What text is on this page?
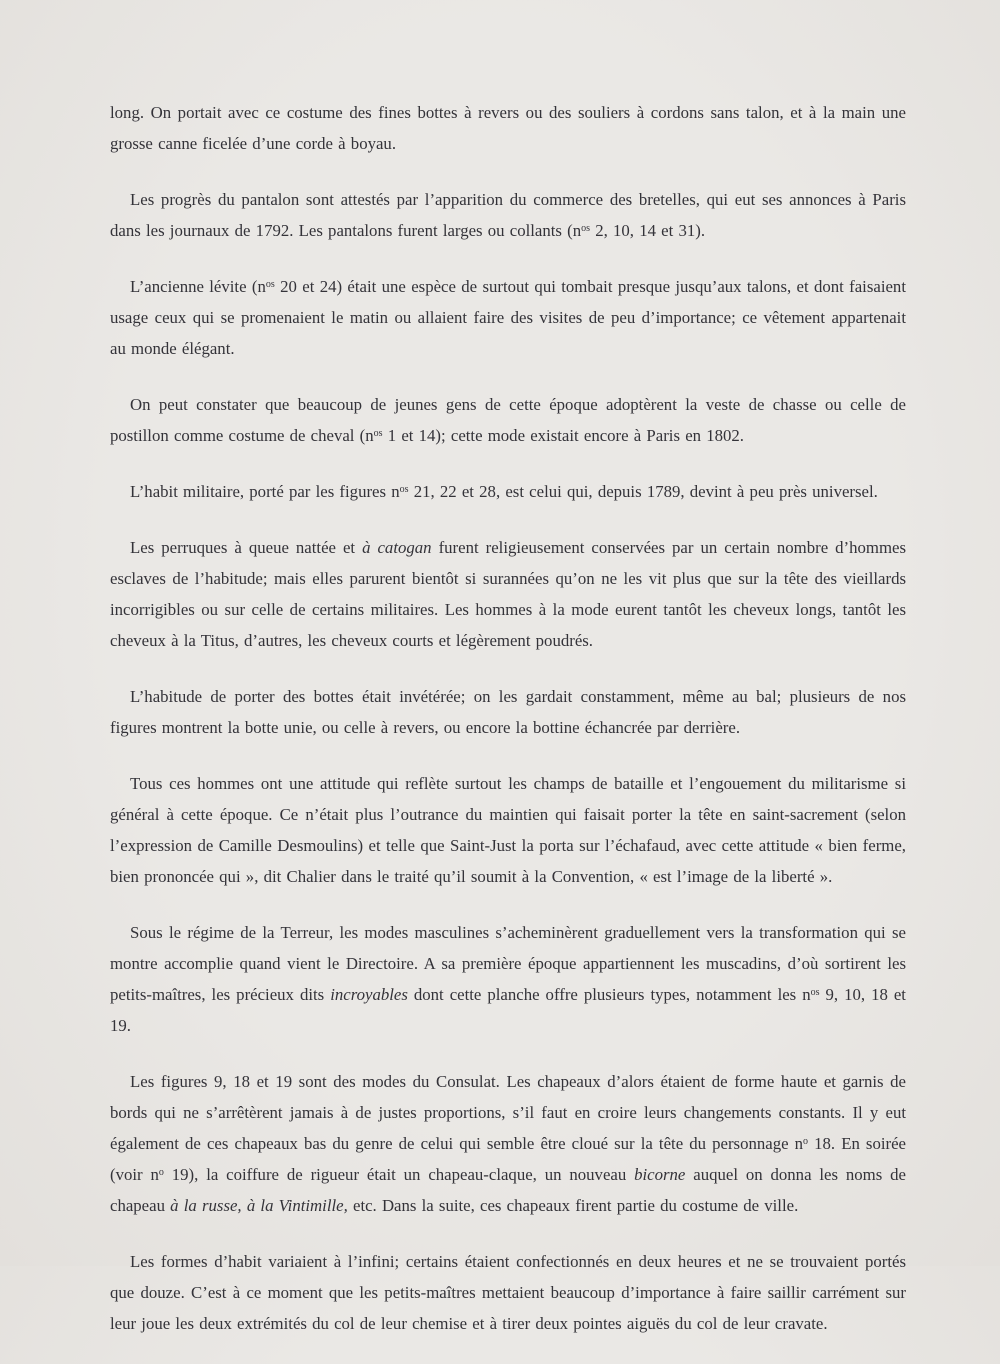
long. On portait avec ce costume des fines bottes à revers ou des souliers à cordons sans talon, et à la main une grosse canne ficelée d’une corde à boyau.

Les progrès du pantalon sont attestés par l’apparition du commerce des bretelles, qui eut ses annonces à Paris dans les journaux de 1792. Les pantalons furent larges ou collants ($n^{os}$ 2, 10, 14 et 31).

L’ancienne lévite ($n^{os}$ 20 et 24) était une espèce de surtout qui tombait presque jusqu’aux talons, et dont faisaient usage ceux qui se promenaient le matin ou allaient faire des visites de peu d’importance; ce vêtement appartenait au monde élégant.

On peut constater que beaucoup de jeunes gens de cette époque adoptèrent la veste de chasse ou celle de postillon comme costume de cheval ($n^{os}$ 1 et 14); cette mode existait encore à Paris en 1802.

L’habit militaire, porté par les figures $n^{os}$ 21, 22 et 28, est celui qui, depuis 1789, devint à peu près universel.

Les perruques à queue nattée et à catogan furent religieusement conservées par un certain nombre d’hommes esclaves de l’habitude; mais elles parurent bientôt si surannées qu’on ne les vit plus que sur la tête des vieillards incorrigibles ou sur celle de certains militaires. Les hommes à la mode eurent tantôt les cheveux longs, tantôt les cheveux à la Titus, d’autres, les cheveux courts et légèrement poudrés.

L’habitude de porter des bottes était invétérée; on les gardait constamment, même au bal; plusieurs de nos figures montrent la botte unie, ou celle à revers, ou encore la bottine échancrée par derrière.

Tous ces hommes ont une attitude qui reflète surtout les champs de bataille et l’engouement du militarisme si général à cette époque. Ce n’était plus l’outrance du maintien qui faisait porter la tête en saint-sacrement (selon l’expression de Camille Desmoulins) et telle que Saint-Just la porta sur l’échafaud, avec cette attitude « bien ferme, bien prononcée qui », dit Chalier dans le traité qu’il soumit à la Convention, « est l’image de la liberté ».

Sous le régime de la Terreur, les modes masculines s’acheminèrent graduellement vers la transformation qui se montre accomplie quand vient le Directoire. A sa première époque appartiennent les muscadins, d’où sortirent les petits-maîtres, les précieux dits incroyables dont cette planche offre plusieurs types, notamment les $n^{os}$ 9, 10, 18 et 19.

Les figures 9, 18 et 19 sont des modes du Consulat. Les chapeaux d’alors étaient de forme haute et garnis de bords qui ne s’arrêtèrent jamais à de justes proportions, s’il faut en croire leurs changements constants. Il y eut également de ces chapeaux bas du genre de celui qui semble être cloué sur la tête du personnage $n^o$ 18. En soirée (voir $n^o$ 19), la coiffure de rigueur était un chapeau-claque, un nouveau bicorne auquel on donna les noms de chapeau à la russe, à la Vintimille, etc. Dans la suite, ces chapeaux firent partie du costume de ville.

Les formes d’habit variaient à l’infini; certains étaient confectionnés en deux heures et ne se trouvaient portés que douze. C’est à ce moment que les petits-maîtres mettaient beaucoup d’importance à faire saillir carrément sur leur joue les deux extrémités du col de leur chemise et à tirer deux pointes aiguës du col de leur cravate.
